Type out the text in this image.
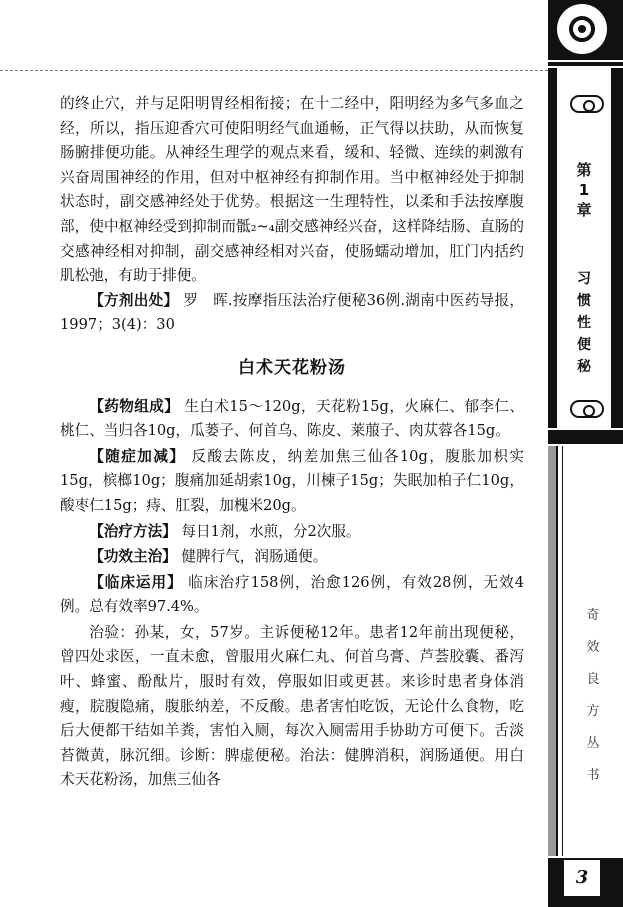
的终止穴，并与足阳明胃经相衔接；在十二经中，阳明经为多气多血之经，所以，指压迎香穴可使阳明经气血通畅，正气得以扶助，从而恢复肠腑排便功能。从神经生理学的观点来看，缓和、轻微、连续的刺激有兴奋周围神经的作用，但对中枢神经有抑制作用。当中枢神经处于抑制状态时，副交感神经处于优势。根据这一生理特性，以柔和手法按摩腹部，使中枢神经受到抑制而骶₂~₄副交感神经兴奋，这样降结肠、直肠的交感神经相对抑制，副交感神经相对兴奋，使肠蠕动增加，肛门内括约肌松弛，有助于排便。

【方剂出处】 罗　晖.按摩指压法治疗便秘36例.湖南中医药导报，1997；3(4)：30

白术天花粉汤

【药物组成】 生白术15～120g，天花粉15g，火麻仁、郁李仁、桃仁、当归各10g，瓜蒌子、何首乌、陈皮、莱菔子、肉苁蓉各15g。

【随症加减】 反酸去陈皮，纳差加焦三仙各10g，腹胀加枳实15g，槟榔10g；腹痛加延胡索10g，川楝子15g；失眠加柏子仁10g，酸枣仁15g；痔、肛裂，加槐米20g。

【治疗方法】 每日1剂，水煎，分2次服。

【功效主治】 健脾行气，润肠通便。

【临床运用】 临床治疗158例，治愈126例，有效28例，无效4例。总有效率97.4%。

治验：孙某，女，57岁。主诉便秘12年。患者12年前出现便秘，曾四处求医，一直未愈，曾服用火麻仁丸、何首乌膏、芦荟胶囊、番泻叶、蜂蜜、酚酞片，服时有效，停服如旧或更甚。来诊时患者身体消瘦，脘腹隐痛，腹胀纳差，不反酸。患者害怕吃饭，无论什么食物，吃后大便都干结如羊粪，害怕入厕，每次入厕需用手协助方可便下。舌淡苔微黄，脉沉细。诊断：脾虚便秘。治法：健脾消积，润肠通便。用白术天花粉汤，加焦三仙各

第
1
章
习
惯
性
便
秘
奇
效
良
方
丛
书
3
